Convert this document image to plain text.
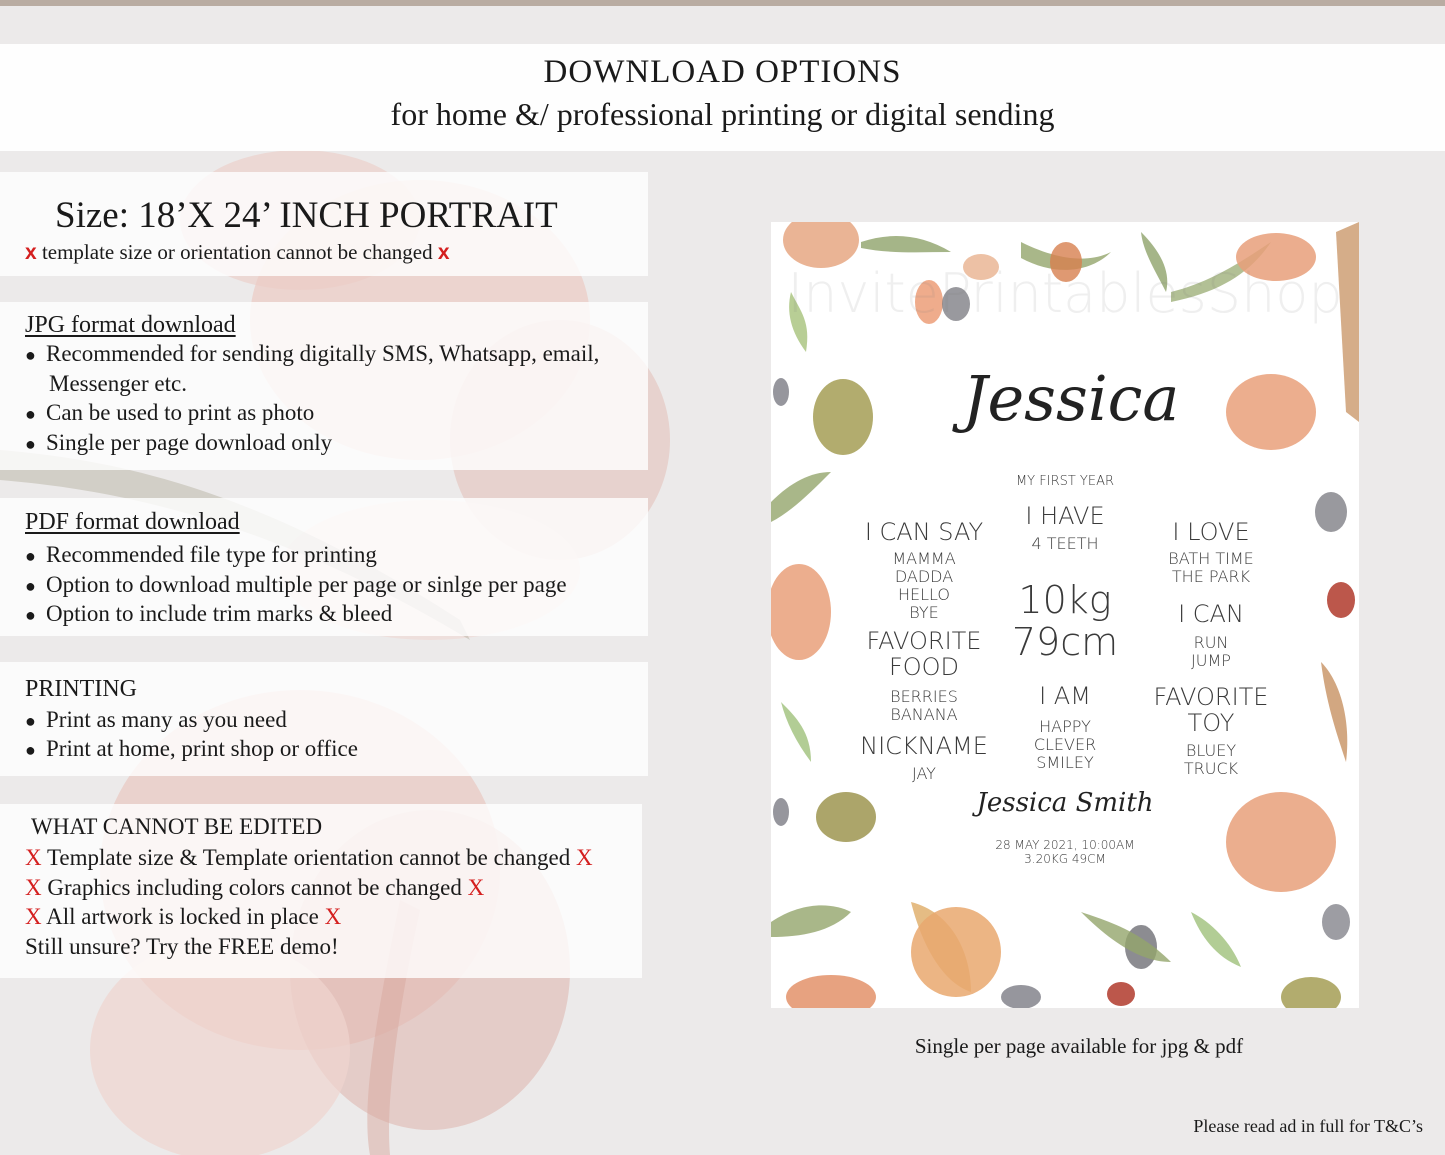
DOWNLOAD OPTIONS
for home &/ professional printing or digital sending
Size: 18’X 24’ INCH PORTRAIT
x template size or orientation cannot be changed x
JPG format download
● Recommended for sending digitally SMS, Whatsapp, email,
Messenger etc.
● Can be used to print as photo
● Single per page download only
PDF format download
● Recommended file type for printing
● Option to download multiple per page or sinlge per page
● Option to include trim marks & bleed
PRINTING
● Print as many as you need
● Print at home, print shop or office
WHAT CANNOT BE EDITED
X Template size & Template orientation cannot be changed X
X Graphics including colors cannot be changed X
X All artwork is locked in place X
Still unsure? Try the FREE demo!
InvitePrintablesShop
Jessica
MY FIRST YEAR
I CAN SAY
MAMMA
DADDA
HELLO
BYE
I HAVE
4 TEETH	I LOVE
BATH TIME
THE PARK
10kg
79cm
I CAN
RUN
JUMP
FAVORITE
FOOD
BERRIES
BANANA
I AM
HAPPY
CLEVER
SMILEY
FAVORITE
TOY
BLUEY
TRUCK
NICKNAME
JAY
Jessica Smith
28 MAY 2021, 10:00AM
3.20KG 49CM
Single per page available for jpg & pdf
Please read ad in full for T&C’s
